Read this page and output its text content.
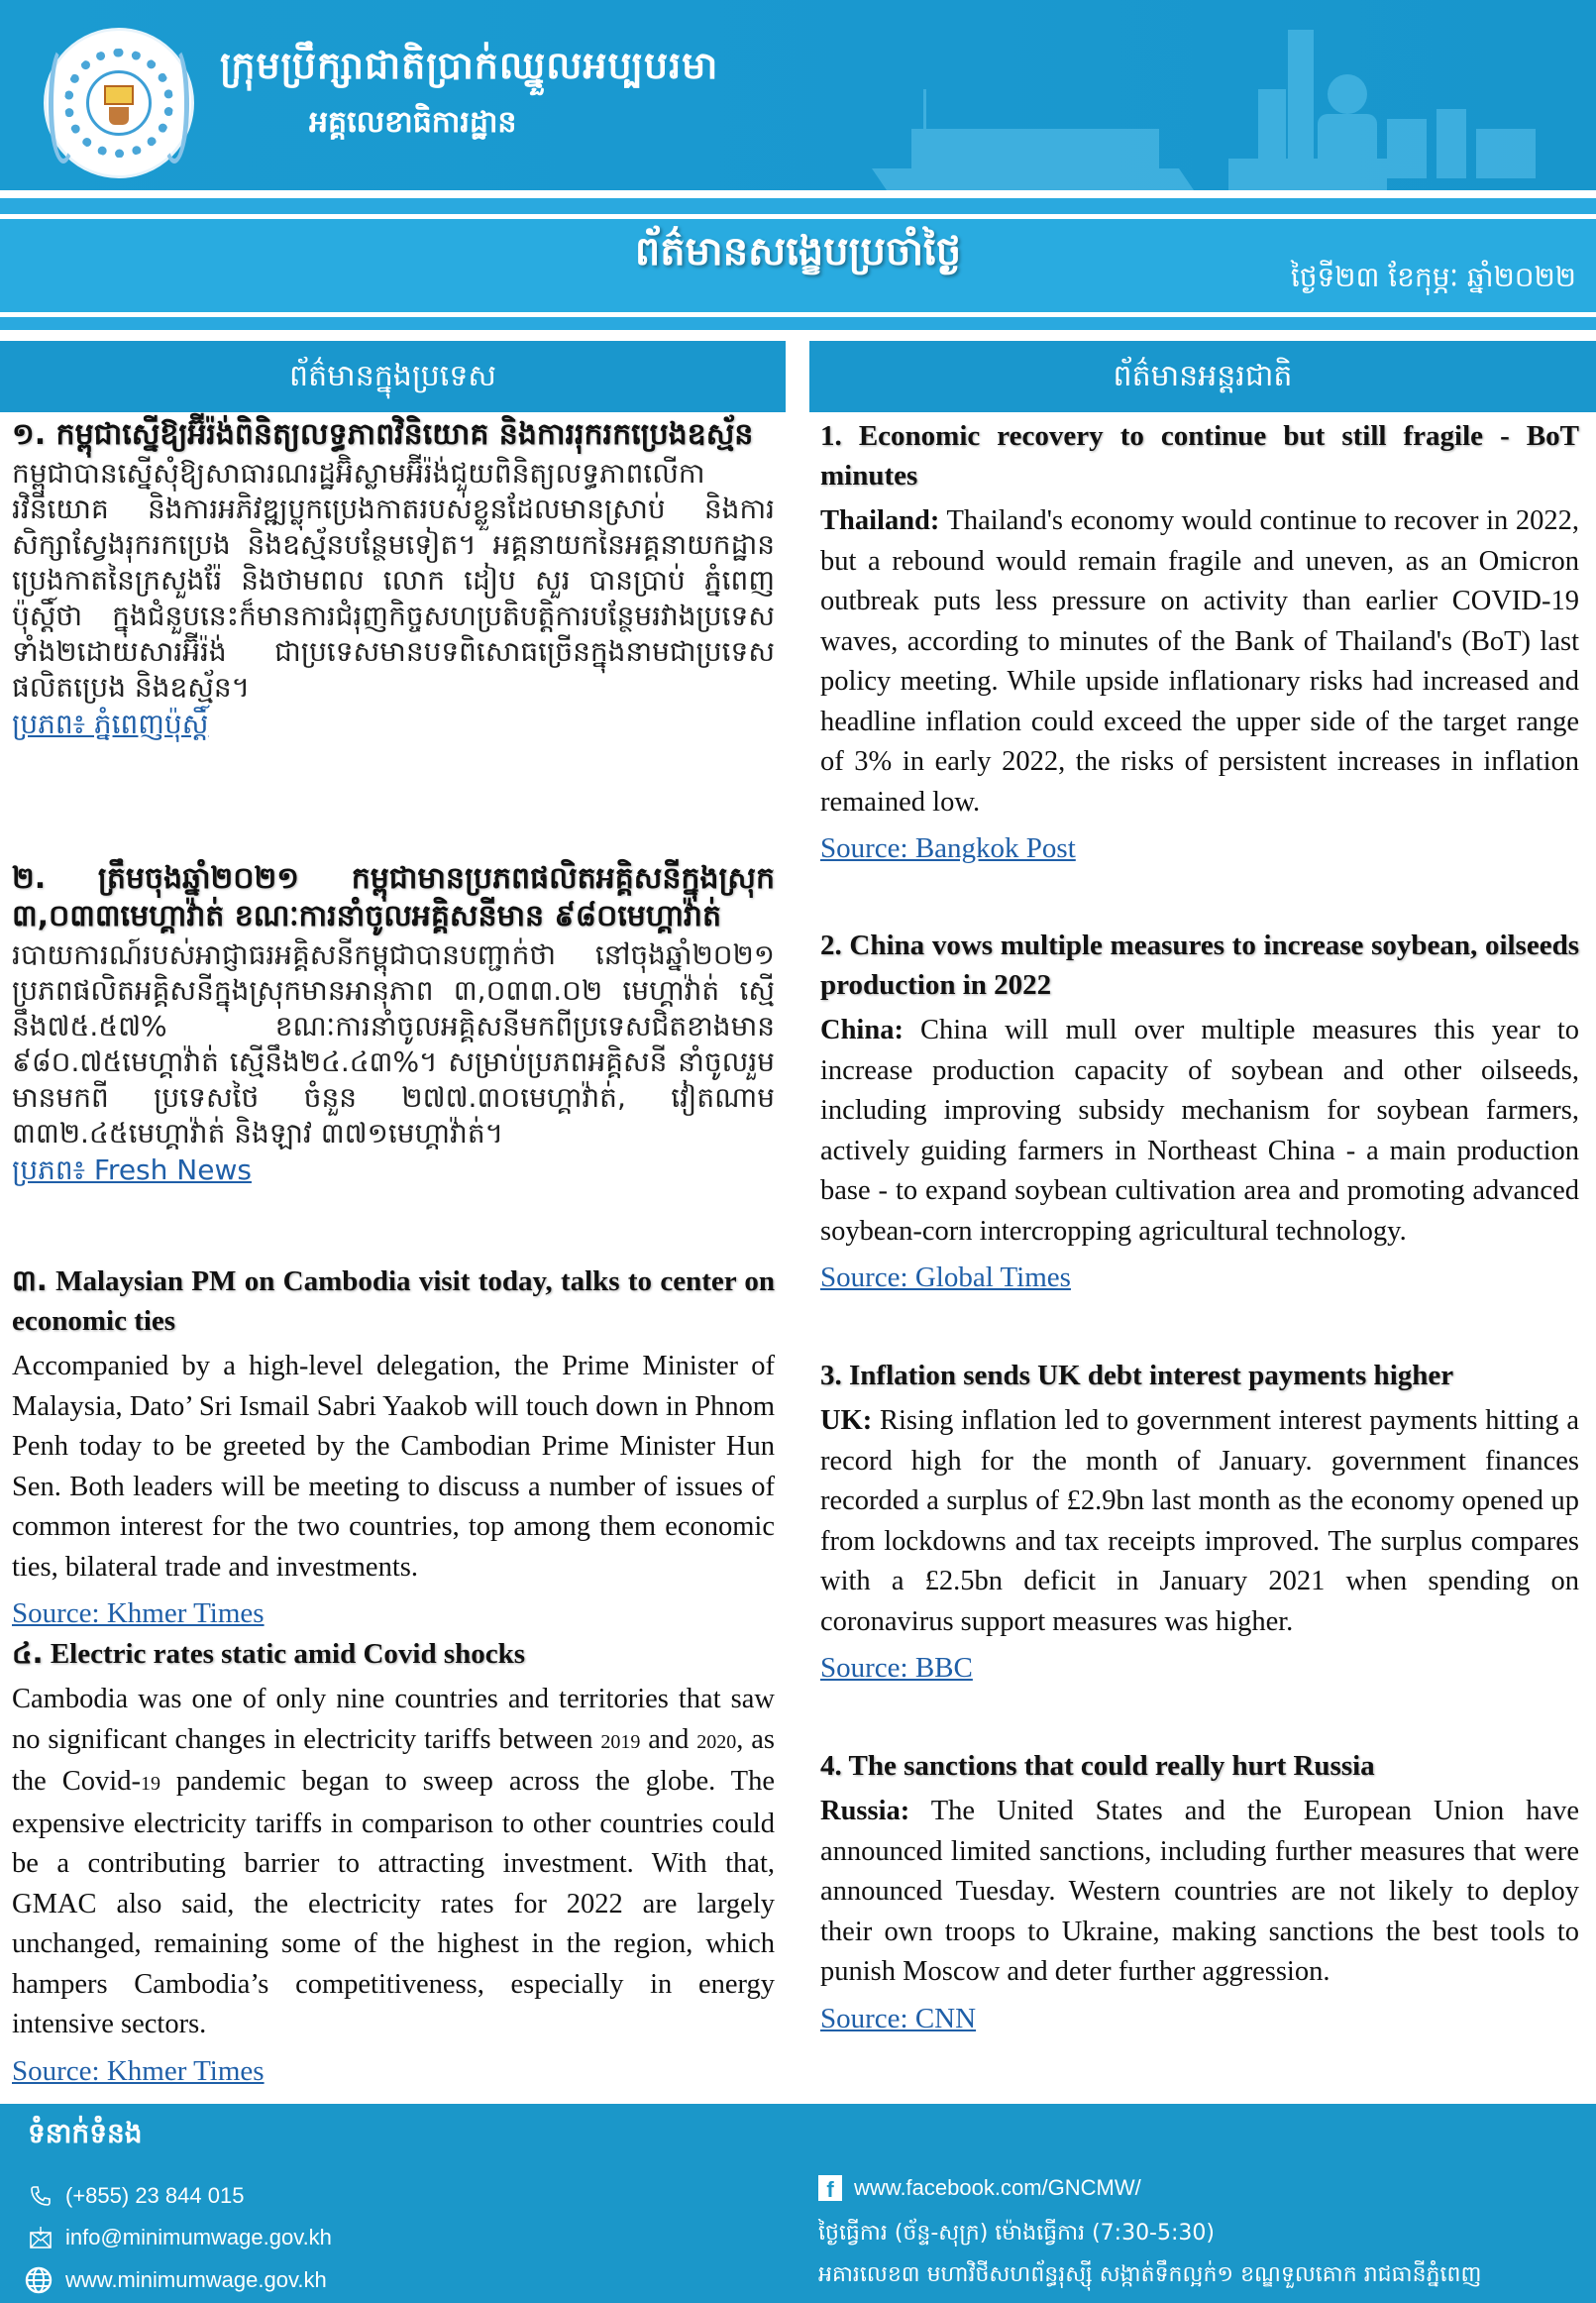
ក្រុមប្រឹក្សាជាតិប្រាក់ឈ្នួលអប្បបរមា
អគ្គលេខាធិការដ្ឋាន
ព័ត៌មានសង្ខេបប្រចាំថ្ងៃ
ថ្ងៃទី២៣ ខែកុម្ភៈ ឆ្នាំ២០២២
ព័ត៌មានក្នុងប្រទេស	ព័ត៌មានអន្តរជាតិ
១. កម្ពុជាស្នើឱ្យអ៊ីរ៉ង់ពិនិត្យលទ្ធភាពវិនិយោគ និងការរុករកប្រេងឧស្ម័ន
កម្ពុជាបានស្នើសុំឱ្យសាធារណរដ្ឋអ៊ិស្លាមអ៊ីរ៉ង់ជួយពិនិត្យលទ្ធភាពលើការវិនិយោគ និងការអភិវឌ្ឍប្លុកប្រេងកាតរបស់ខ្លួនដែលមានស្រាប់ និងការសិក្សាស្វែងរុករកប្រេង និងឧស្ម័នបន្ថែមទៀត។ អគ្គនាយកនៃអគ្គនាយកដ្ឋានប្រេងកាតនៃក្រសួងរ៉ែ និងថាមពល លោក ដៀប សួរ បានប្រាប់ ភ្នំពេញ ប៉ុស្តិ៍ថា ក្នុងជំនួបនេះក៏មានការជំរុញកិច្ចសហប្រតិបត្តិការបន្ថែមរវាងប្រទេសទាំង២ដោយសារអ៊ីរ៉ង់ ជាប្រទេសមានបទពិសោធច្រើនក្នុងនាមជាប្រទេសផលិតប្រេង និងឧស្ម័ន។
ប្រភព៖ ភ្នំពេញប៉ុស្តិ៍
២. ត្រឹមចុងឆ្នាំ២០២១ កម្ពុជាមានប្រភពផលិតអគ្គិសនីក្នុងស្រុក ៣,០៣៣មេហ្គាវ៉ាត់ ខណៈការនាំចូលអគ្គិសនីមាន ៩៨០មេហ្គាវ៉ាត់
របាយការណ៍របស់អាជ្ញាធរអគ្គិសនីកម្ពុជាបានបញ្ជាក់ថា នៅចុងឆ្នាំ២០២១ ប្រភពផលិតអគ្គិសនីក្នុងស្រុកមានអានុភាព ៣,០៣៣.០២ មេហ្គាវ៉ាត់ ស្មើនឹង៧៥.៥៧% ខណៈការនាំចូលអគ្គិសនីមកពីប្រទេសជិតខាងមាន ៩៨០.៧៥មេហ្គាវ៉ាត់ ស្មើនឹង២៤.៤៣%។ សម្រាប់ប្រភពអគ្គិសនី នាំចូលរួមមានមកពី ប្រទេសថៃ ចំនួន ២៧៧.៣០មេហ្គាវ៉ាត់, វៀតណាម ៣៣២.៤៥មេហ្គាវ៉ាត់ និងឡាវ ៣៧១មេហ្គាវ៉ាត់។
ប្រភព៖ Fresh News
៣. Malaysian PM on Cambodia visit today, talks to center on economic ties
Accompanied by a high-level delegation, the Prime Minister of Malaysia, Dato’ Sri Ismail Sabri Yaakob will touch down in Phnom Penh today to be greeted by the Cambodian Prime Minister Hun Sen. Both leaders will be meeting to discuss a number of issues of common interest for the two countries, top among them economic ties, bilateral trade and investments.
Source: Khmer Times
៤. Electric rates static amid Covid shocks
Cambodia was one of only nine countries and territories that saw no significant changes in electricity tariffs between 2019 and 2020, as the Covid-19 pandemic began to sweep across the globe. The expensive electricity tariffs in comparison to other countries could be a contributing barrier to attracting investment. With that, GMAC also said, the electricity rates for 2022 are largely unchanged, remaining some of the highest in the region, which hampers Cambodia’s competitiveness, especially in energy intensive sectors.
Source: Khmer Times
1. Economic recovery to continue but still fragile - BoT minutes
Thailand: Thailand's economy would continue to recover in 2022, but a rebound would remain fragile and uneven, as an Omicron outbreak puts less pressure on activity than earlier COVID-19 waves, according to minutes of the Bank of Thailand's (BoT) last policy meeting. While upside inflationary risks had increased and headline inflation could exceed the upper side of the target range of 3% in early 2022, the risks of persistent increases in inflation remained low.
Source: Bangkok Post
2. China vows multiple measures to increase soybean, oilseeds production in 2022
China: China will mull over multiple measures this year to increase production capacity of soybean and other oilseeds, including improving subsidy mechanism for soybean farmers, actively guiding farmers in Northeast China - a main production base - to expand soybean cultivation area and promoting advanced soybean-corn intercropping agricultural technology.
Source: Global Times
3. Inflation sends UK debt interest payments higher
UK: Rising inflation led to government interest payments hitting a record high for the month of January. government finances recorded a surplus of £2.9bn last month as the economy opened up from lockdowns and tax receipts improved. The surplus compares with a £2.5bn deficit in January 2021 when spending on coronavirus support measures was higher.
Source: BBC
4. The sanctions that could really hurt Russia
Russia: The United States and the European Union have announced limited sanctions, including further measures that were announced Tuesday. Western countries are not likely to deploy their own troops to Ukraine, making sanctions the best tools to punish Moscow and deter further aggression.
Source: CNN
ទំនាក់ទំនង
(+855) 23 844 015
info@minimumwage.gov.kh
www.minimumwage.gov.kh
f www.facebook.com/GNCMW/
ថ្ងៃធ្វើការ (ច័ន្ទ-សុក្រ) ម៉ោងធ្វើការ (7:30-5:30)
អគារលេខ៣ មហាវិថីសហព័ន្ធរុស្ស៊ី សង្កាត់ទឹកល្អក់១ ខណ្ឌទួលគោក រាជធានីភ្នំពេញ
